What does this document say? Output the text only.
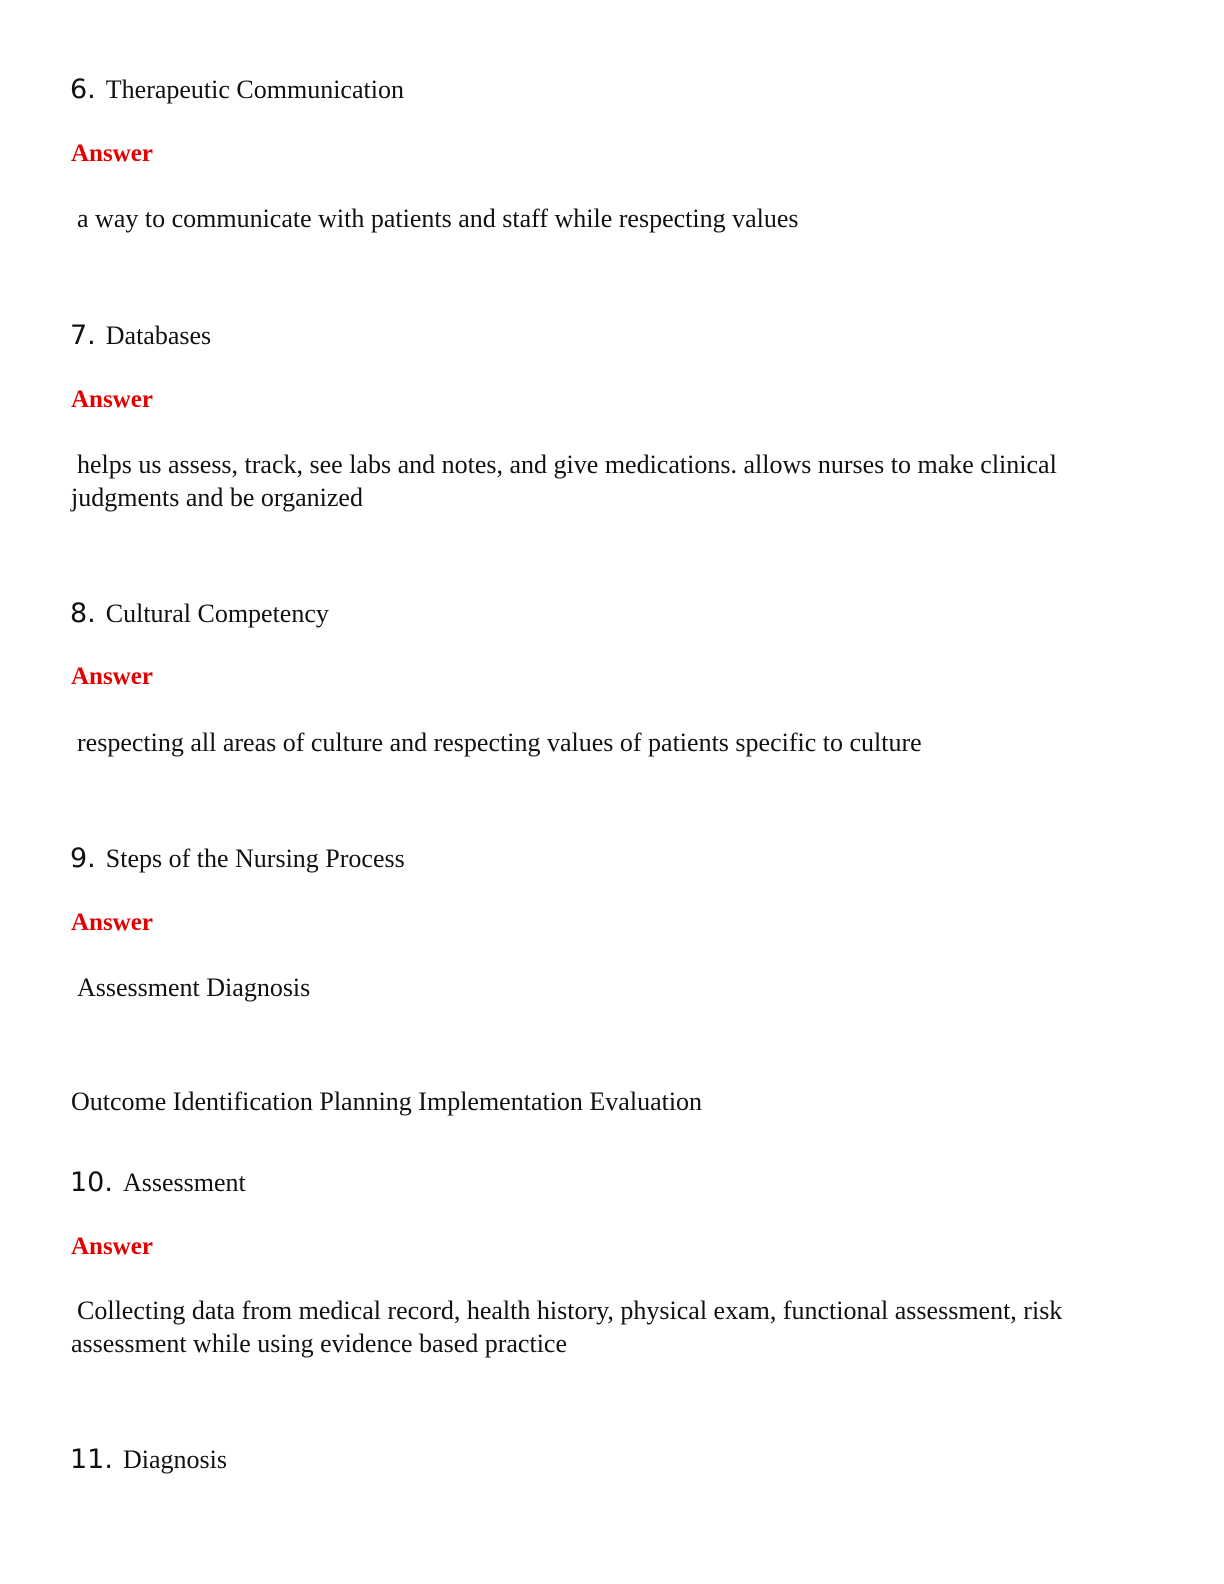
6. Therapeutic Communication
Answer
a way to communicate with patients and staff while respecting values
7. Databases
Answer
helps us assess, track, see labs and notes, and give medications. allows nurses to make clinical judgments and be organized
8. Cultural Competency
Answer
respecting all areas of culture and respecting values of patients specific to culture
9. Steps of the Nursing Process
Answer
Assessment Diagnosis
Outcome Identification Planning Implementation Evaluation
10. Assessment
Answer
Collecting data from medical record, health history, physical exam, functional assessment, risk assessment while using evidence based practice
11. Diagnosis
